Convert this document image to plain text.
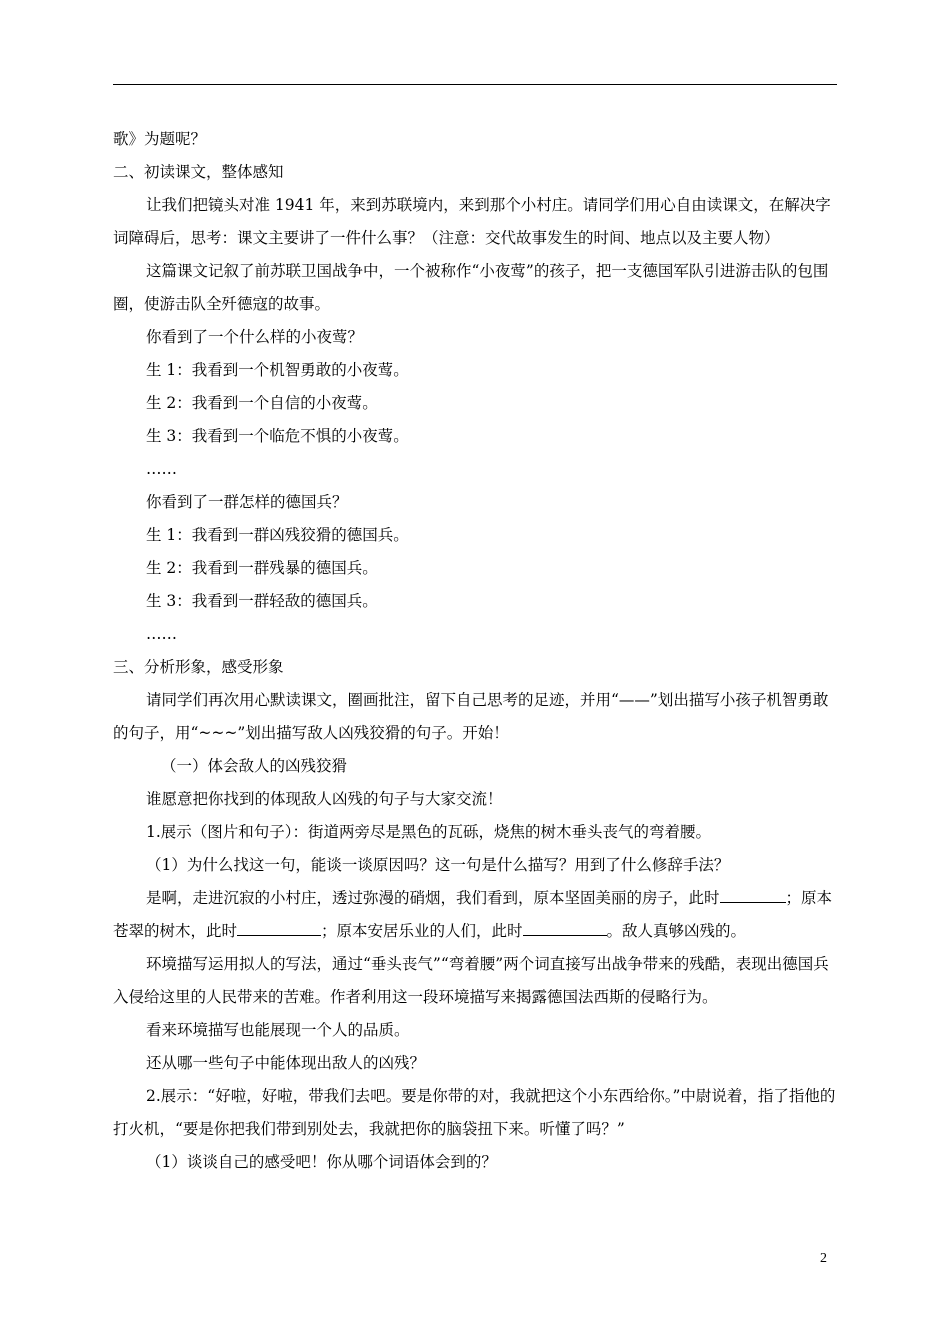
歌》为题呢？

二、初读课文，整体感知

让我们把镜头对准 1941 年，来到苏联境内，来到那个小村庄。请同学们用心自由读课文，在解决字词障碍后，思考：课文主要讲了一件什么事？（注意：交代故事发生的时间、地点以及主要人物）

这篇课文记叙了前苏联卫国战争中，一个被称作“小夜莺”的孩子，把一支德国军队引进游击队的包围圈，使游击队全歼德寇的故事。

你看到了一个什么样的小夜莺？

生 1：我看到一个机智勇敢的小夜莺。

生 2：我看到一个自信的小夜莺。

生 3：我看到一个临危不惧的小夜莺。

……

你看到了一群怎样的德国兵？

生 1：我看到一群凶残狡猾的德国兵。

生 2：我看到一群残暴的德国兵。

生 3：我看到一群轻敌的德国兵。

……

三、分析形象，感受形象

请同学们再次用心默读课文，圈画批注，留下自己思考的足迹，并用“——”划出描写小孩子机智勇敢的句子，用“~~~”划出描写敌人凶残狡猾的句子。开始！

（一）体会敌人的凶残狡猾

谁愿意把你找到的体现敌人凶残的句子与大家交流！

1.展示（图片和句子）：街道两旁尽是黑色的瓦砾，烧焦的树木垂头丧气的弯着腰。

（1）为什么找这一句，能谈一谈原因吗？这一句是什么描写？用到了什么修辞手法？

是啊，走进沉寂的小村庄，透过弥漫的硝烟，我们看到，原本坚固美丽的房子，此时	；原本苍翠的树木，此时	；原本安居乐业的人们，此时	。敌人真够凶残的。

环境描写运用拟人的写法，通过“垂头丧气”“弯着腰”两个词直接写出战争带来的残酷，表现出德国兵入侵给这里的人民带来的苦难。作者利用这一段环境描写来揭露德国法西斯的侵略行为。

看来环境描写也能展现一个人的品质。

还从哪一些句子中能体现出敌人的凶残？

2.展示：“好啦，好啦，带我们去吧。要是你带的对，我就把这个小东西给你。”中尉说着，指了指他的打火机，“要是你把我们带到别处去，我就把你的脑袋扭下来。听懂了吗？”

（1）谈谈自己的感受吧！你从哪个词语体会到的？

2
